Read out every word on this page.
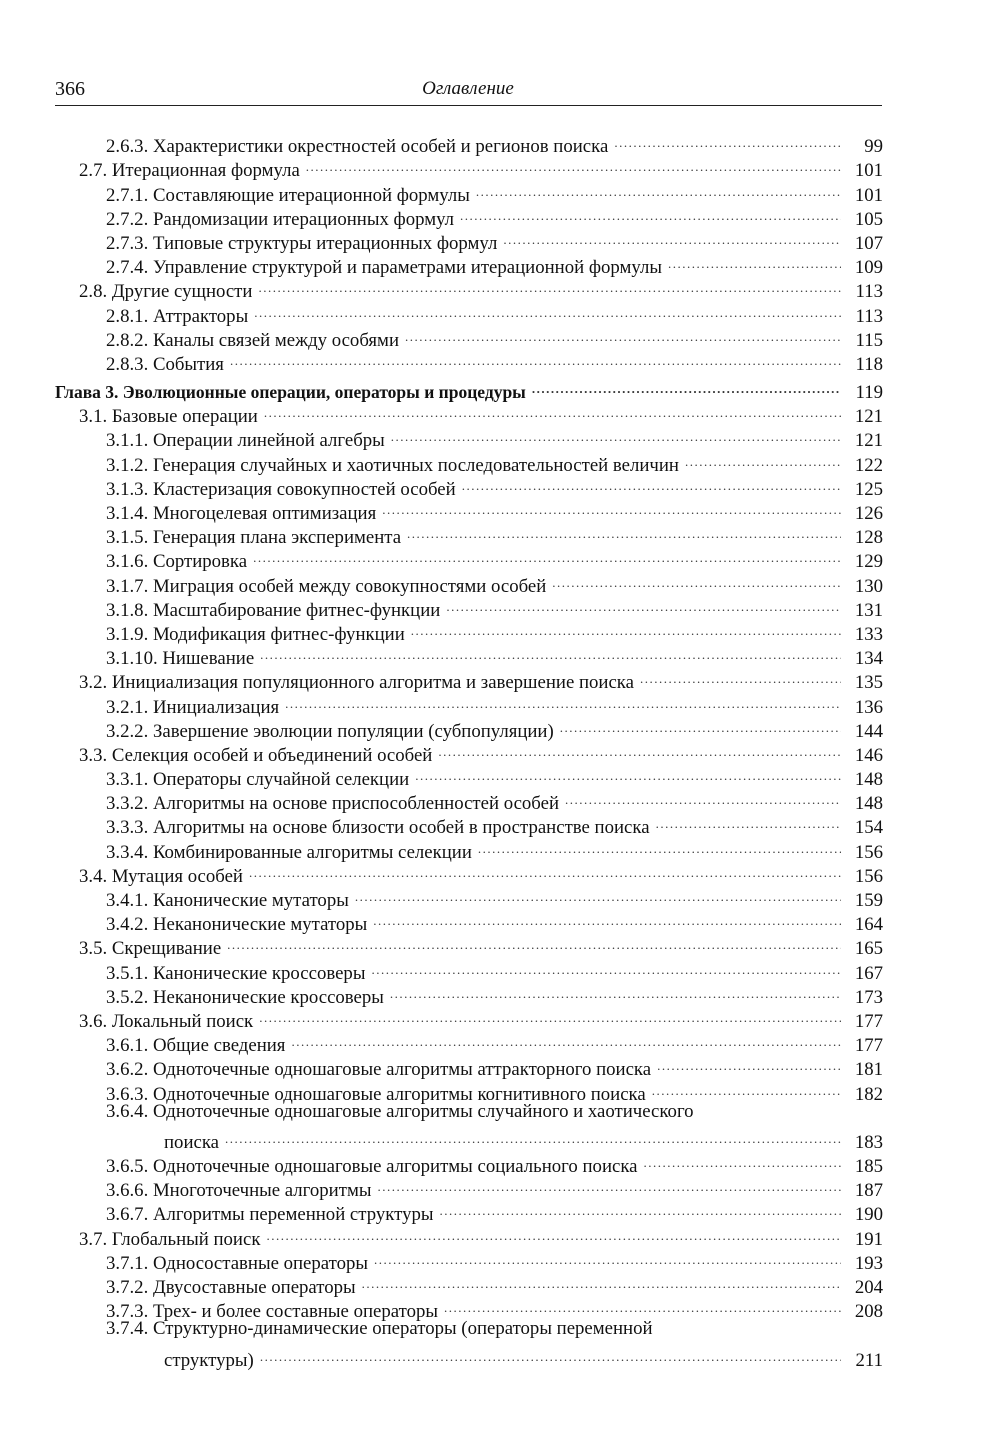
366	Оглавление
2.6.3. Характеристики окрестностей особей и регионов поиска .....	99
2.7. Итерационная формула .....	101
2.7.1. Составляющие итерационной формулы .....	101
2.7.2. Рандомизации итерационных формул .....	105
2.7.3. Типовые структуры итерационных формул .....	107
2.7.4. Управление структурой и параметрами итерационной формулы .....	109
2.8. Другие сущности .....	113
2.8.1. Аттракторы .....	113
2.8.2. Каналы связей между особями .....	115
2.8.3. События .....	118
Глава 3. Эволюционные операции, операторы и процедуры .....	119
3.1. Базовые операции .....	121
3.1.1. Операции линейной алгебры .....	121
3.1.2. Генерация случайных и хаотичных последовательностей величин .....	122
3.1.3. Кластеризация совокупностей особей .....	125
3.1.4. Многоцелевая оптимизация .....	126
3.1.5. Генерация плана эксперимента .....	128
3.1.6. Сортировка .....	129
3.1.7. Миграция особей между совокупностями особей .....	130
3.1.8. Масштабирование фитнес-функции .....	131
3.1.9. Модификация фитнес-функции .....	133
3.1.10. Нишевание .....	134
3.2. Инициализация популяционного алгоритма и завершение поиска .....	135
3.2.1. Инициализация .....	136
3.2.2. Завершение эволюции популяции (субпопуляции) .....	144
3.3. Селекция особей и объединений особей .....	146
3.3.1. Операторы случайной селекции .....	148
3.3.2. Алгоритмы на основе приспособленностей особей .....	148
3.3.3. Алгоритмы на основе близости особей в пространстве поиска .....	154
3.3.4. Комбинированные алгоритмы селекции .....	156
3.4. Мутация особей .....	156
3.4.1. Канонические мутаторы .....	159
3.4.2. Неканонические мутаторы .....	164
3.5. Скрещивание .....	165
3.5.1. Канонические кроссоверы .....	167
3.5.2. Неканонические кроссоверы .....	173
3.6. Локальный поиск .....	177
3.6.1. Общие сведения .....	177
3.6.2. Одноточечные одношаговые алгоритмы аттракторного поиска .....	181
3.6.3. Одноточечные одношаговые алгоритмы когнитивного поиска .....	182
3.6.4. Одноточечные одношаговые алгоритмы случайного и хаотического
поиска .....	183
3.6.5. Одноточечные одношаговые алгоритмы социального поиска .....	185
3.6.6. Многоточечные алгоритмы .....	187
3.6.7. Алгоритмы переменной структуры .....	190
3.7. Глобальный поиск .....	191
3.7.1. Односоставные операторы .....	193
3.7.2. Двусоставные операторы .....	204
3.7.3. Трех- и более составные операторы .....	208
3.7.4. Структурно-динамические операторы (операторы переменной
структуры) .....	211
